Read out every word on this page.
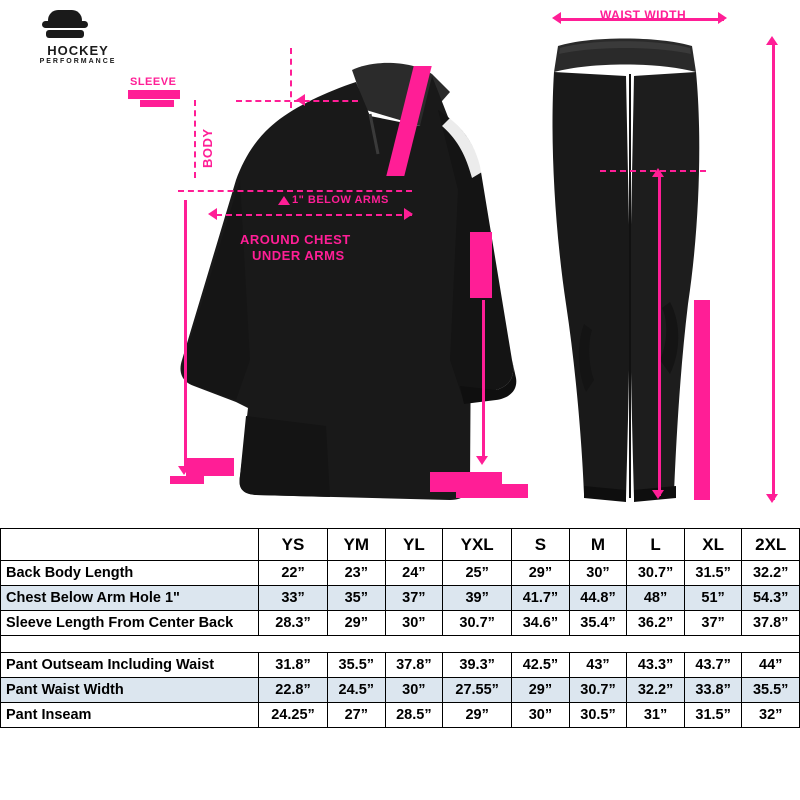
HOCKEY
PERFORMANCE
SLEEVE
BODY
1" BELOW ARMS
AROUND CHEST
UNDER ARMS
WAIST WIDTH
	YS	YM	YL	YXL	S	M	L	XL	2XL
Back Body Length	22”	23”	24”	25”	29”	30”	30.7”	31.5”	32.2”
Chest Below Arm Hole 1"	33”	35”	37”	39”	41.7”	44.8”	48”	51”	54.3”
Sleeve Length From Center Back	28.3”	29”	30”	30.7”	34.6”	35.4”	36.2”	37”	37.8”

Pant Outseam Including Waist	31.8”	35.5”	37.8”	39.3”	42.5”	43”	43.3”	43.7”	44”
Pant Waist Width	22.8”	24.5”	30”	27.55”	29”	30.7”	32.2”	33.8”	35.5”
Pant Inseam	24.25”	27”	28.5”	29”	30”	30.5”	31”	31.5”	32”
